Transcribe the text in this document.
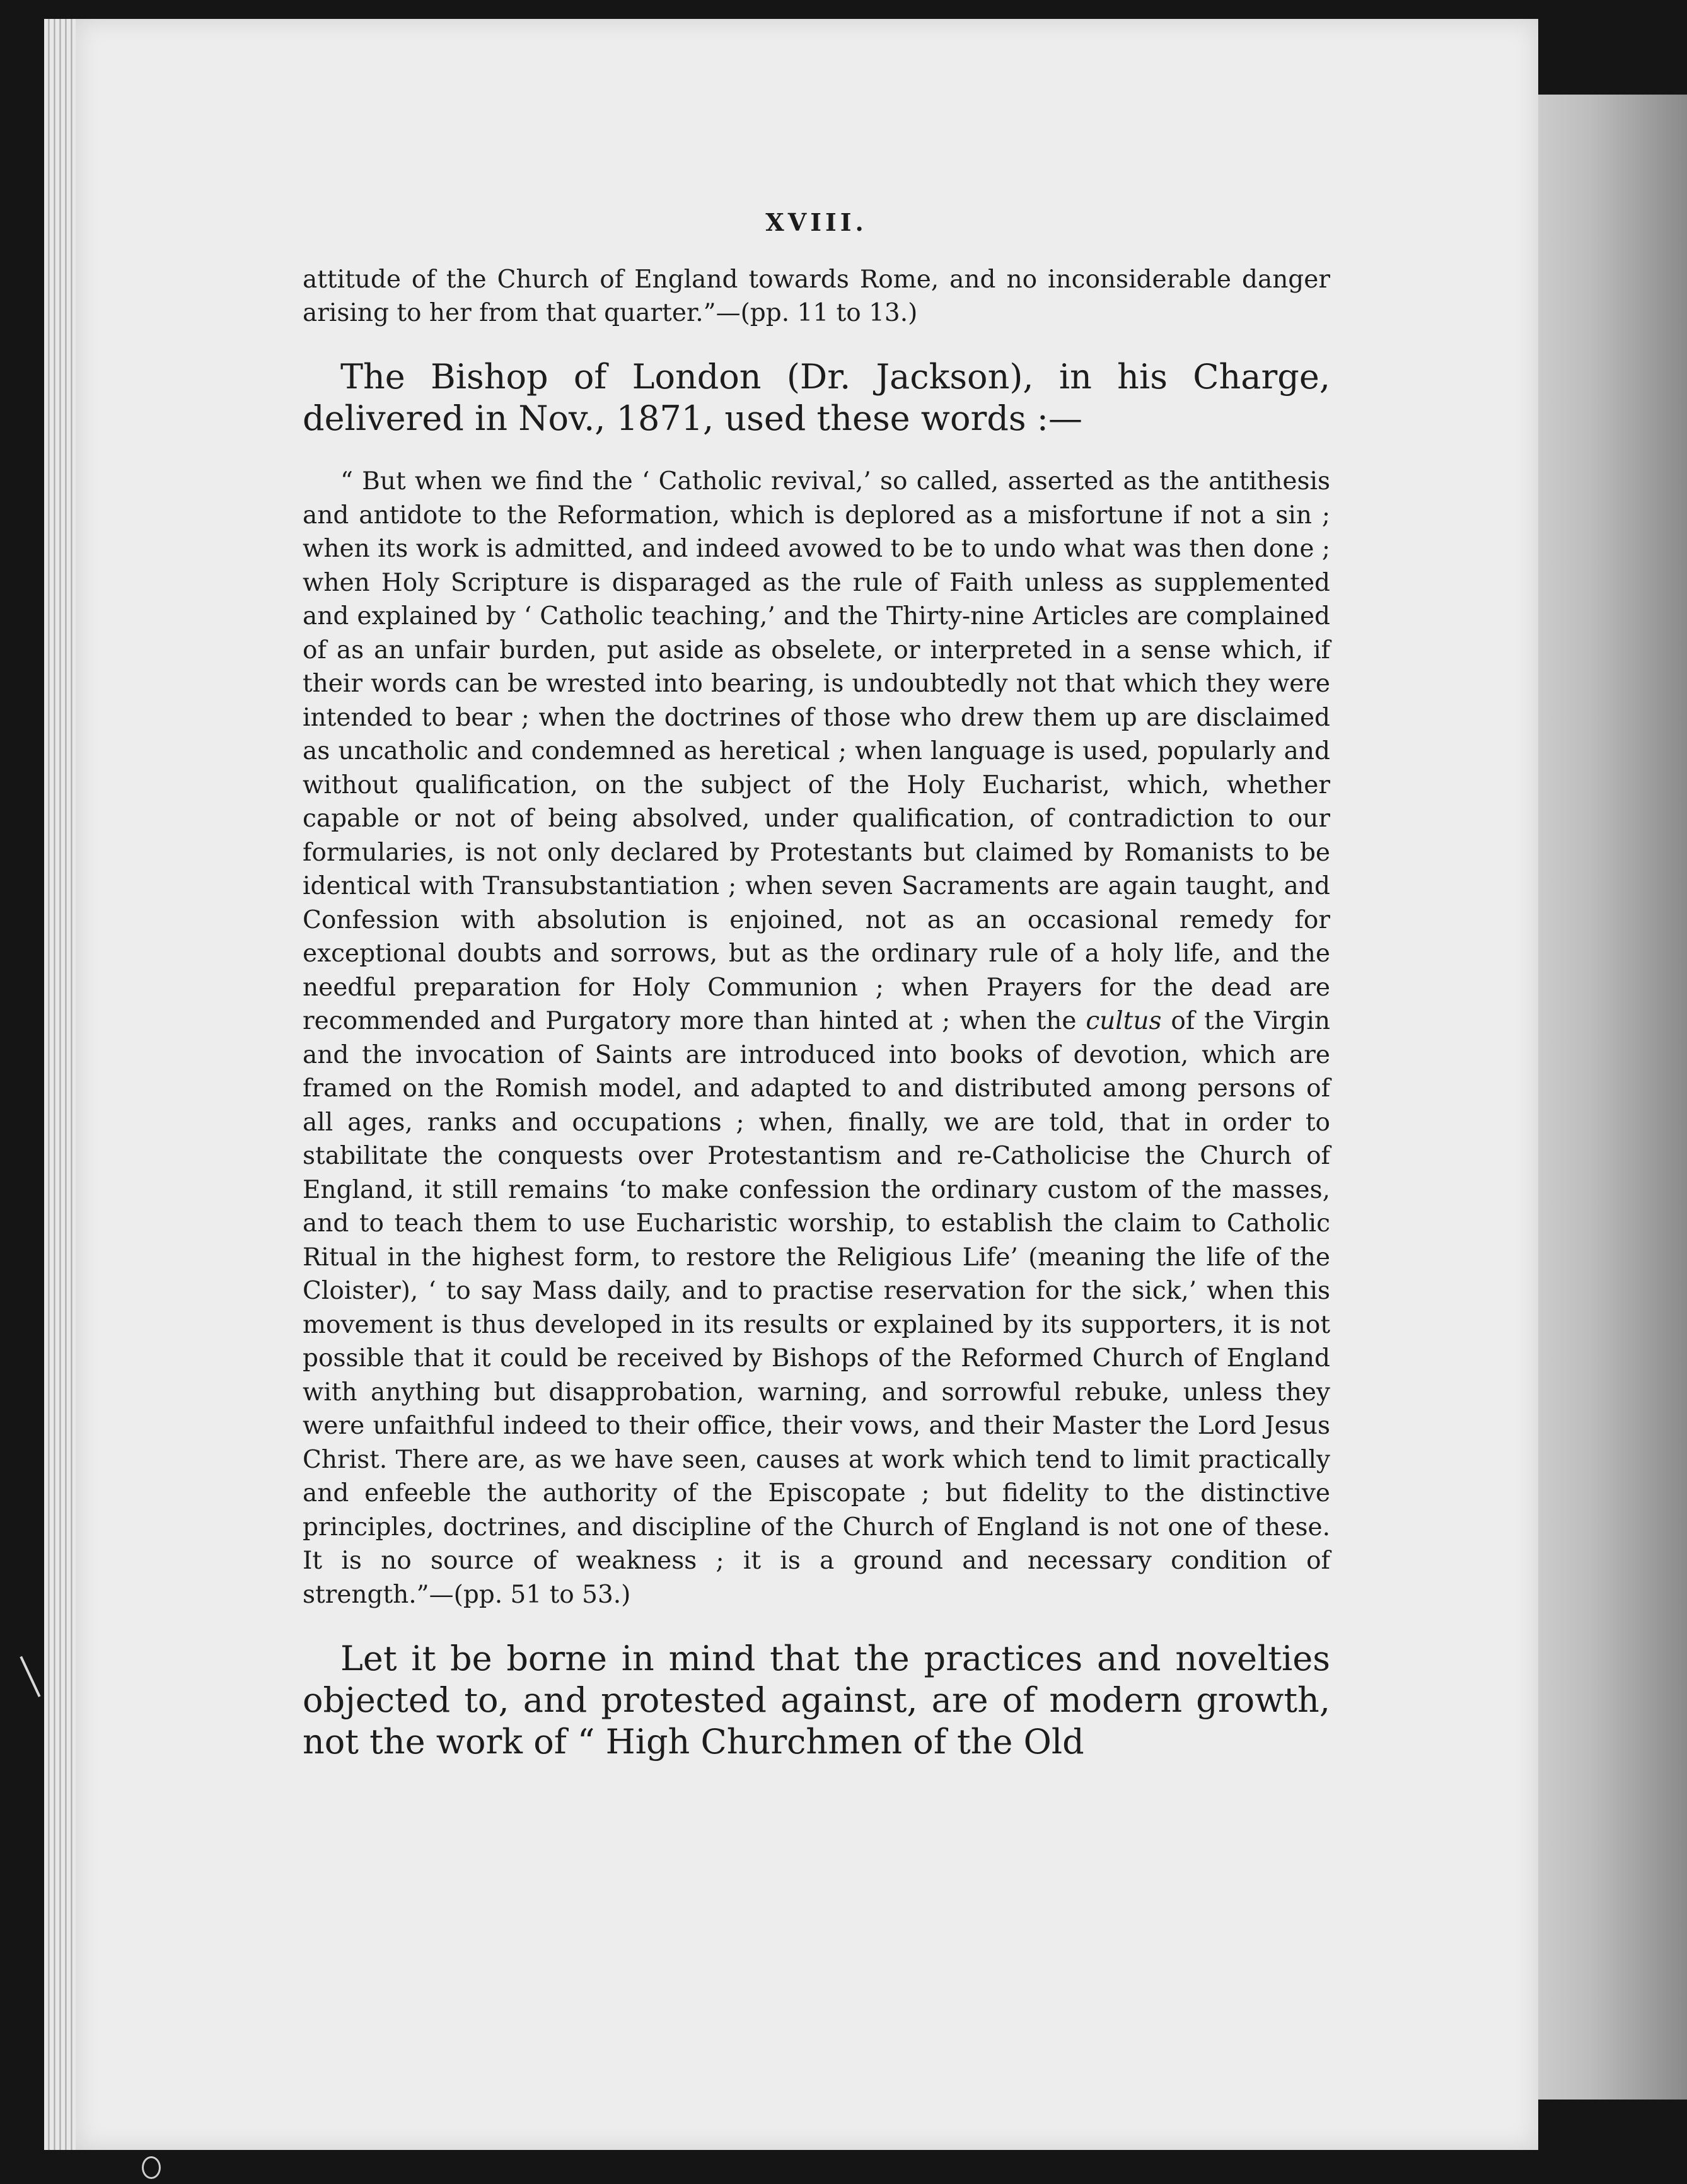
XVIII.

attitude of the Church of England towards Rome, and no inconsiderable danger arising to her from that quarter.”—(pp. 11 to 13.)

The Bishop of London (Dr. Jackson), in his Charge, delivered in Nov., 1871, used these words :—

“ But when we find the ‘ Catholic revival,’ so called, asserted as the antithesis and antidote to the Reformation, which is deplored as a misfortune if not a sin ; when its work is admitted, and indeed avowed to be to undo what was then done ; when Holy Scripture is disparaged as the rule of Faith unless as supplemented and explained by ‘ Catholic teaching,’ and the Thirty-nine Articles are complained of as an unfair burden, put aside as obselete, or interpreted in a sense which, if their words can be wrested into bearing, is undoubtedly not that which they were intended to bear ; when the doctrines of those who drew them up are disclaimed as uncatholic and condemned as heretical ; when language is used, popularly and without qualification, on the subject of the Holy Eucharist, which, whether capable or not of being absolved, under qualification, of contradiction to our formularies, is not only declared by Protestants but claimed by Romanists to be identical with Transubstantiation ; when seven Sacraments are again taught, and Confession with absolution is enjoined, not as an occasional remedy for exceptional doubts and sorrows, but as the ordinary rule of a holy life, and the needful preparation for Holy Communion ; when Prayers for the dead are recommended and Purgatory more than hinted at ; when the cultus of the Virgin and the invocation of Saints are introduced into books of devotion, which are framed on the Romish model, and adapted to and distributed among persons of all ages, ranks and occupations ; when, finally, we are told, that in order to stabilitate the conquests over Protestantism and re-Catholicise the Church of England, it still remains ‘to make confession the ordinary custom of the masses, and to teach them to use Eucharistic worship, to establish the claim to Catholic Ritual in the highest form, to restore the Religious Life’ (meaning the life of the Cloister), ‘ to say Mass daily, and to practise reservation for the sick,’ when this movement is thus developed in its results or explained by its supporters, it is not possible that it could be received by Bishops of the Reformed Church of England with anything but disapprobation, warning, and sorrowful rebuke, unless they were unfaithful indeed to their office, their vows, and their Master the Lord Jesus Christ. There are, as we have seen, causes at work which tend to limit practically and enfeeble the authority of the Episcopate ; but fidelity to the distinctive principles, doctrines, and discipline of the Church of England is not one of these. It is no source of weakness ; it is a ground and necessary condition of strength.”—(pp. 51 to 53.)

Let it be borne in mind that the practices and novelties objected to, and protested against, are of modern growth, not the work of “ High Churchmen of the Old
